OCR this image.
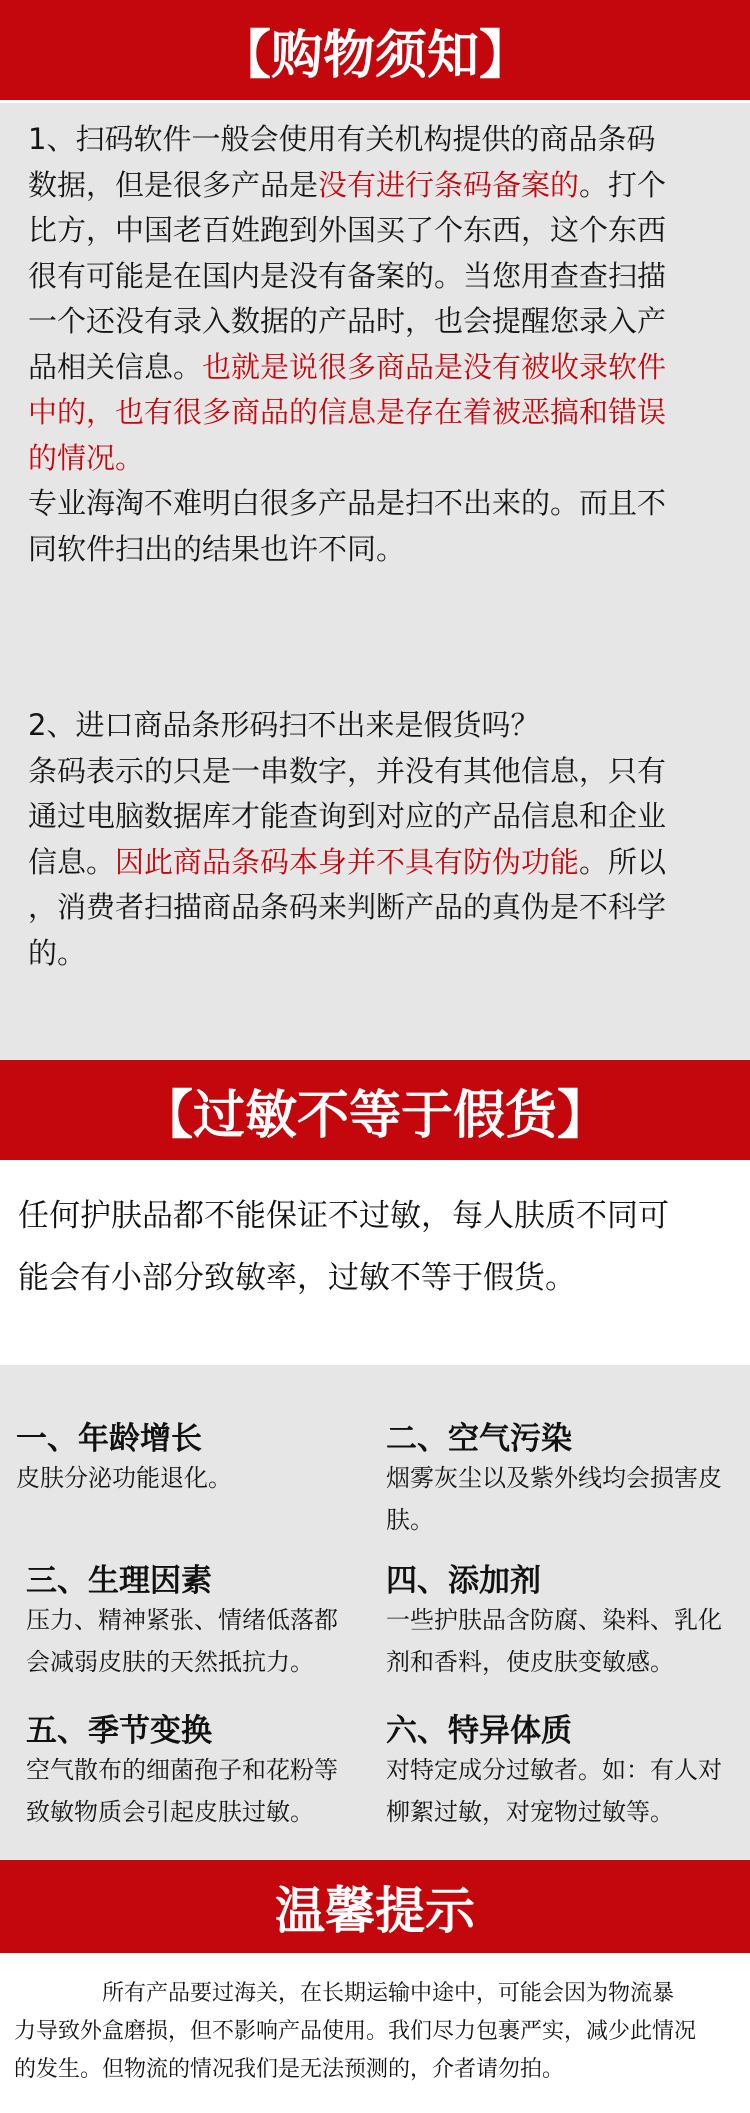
【购物须知】
1、扫码软件一般会使用有关机构提供的商品条码
数据，但是很多产品是没有进行条码备案的。打个
比方，中国老百姓跑到外国买了个东西，这个东西
很有可能是在国内是没有备案的。当您用查查扫描
一个还没有录入数据的产品时，也会提醒您录入产
品相关信息。也就是说很多商品是没有被收录软件
中的，也有很多商品的信息是存在着被恶搞和错误
的情况。
专业海淘不难明白很多产品是扫不出来的。而且不
同软件扫出的结果也许不同。
2、进口商品条形码扫不出来是假货吗？
条码表示的只是一串数字，并没有其他信息，只有
通过电脑数据库才能查询到对应的产品信息和企业
信息。因此商品条码本身并不具有防伪功能。所以
，消费者扫描商品条码来判断产品的真伪是不科学
的。
【过敏不等于假货】
任何护肤品都不能保证不过敏，每人肤质不同可
能会有小部分致敏率，过敏不等于假货。
一、年龄增长
皮肤分泌功能退化。
二、空气污染
烟雾灰尘以及紫外线均会损害皮
肤。
三、生理因素
压力、精神紧张、情绪低落都
会减弱皮肤的天然抵抗力。
四、添加剂
一些护肤品含防腐、染料、乳化
剂和香料，使皮肤变敏感。
五、季节变换
空气散布的细菌孢子和花粉等
致敏物质会引起皮肤过敏。
六、特异体质
对特定成分过敏者。如：有人对
柳絮过敏，对宠物过敏等。
温馨提示
　　　　所有产品要过海关，在长期运输中途中，可能会因为物流暴
力导致外盒磨损，但不影响产品使用。我们尽力包裹严实，减少此情况
的发生。但物流的情况我们是无法预测的，介者请勿拍。
